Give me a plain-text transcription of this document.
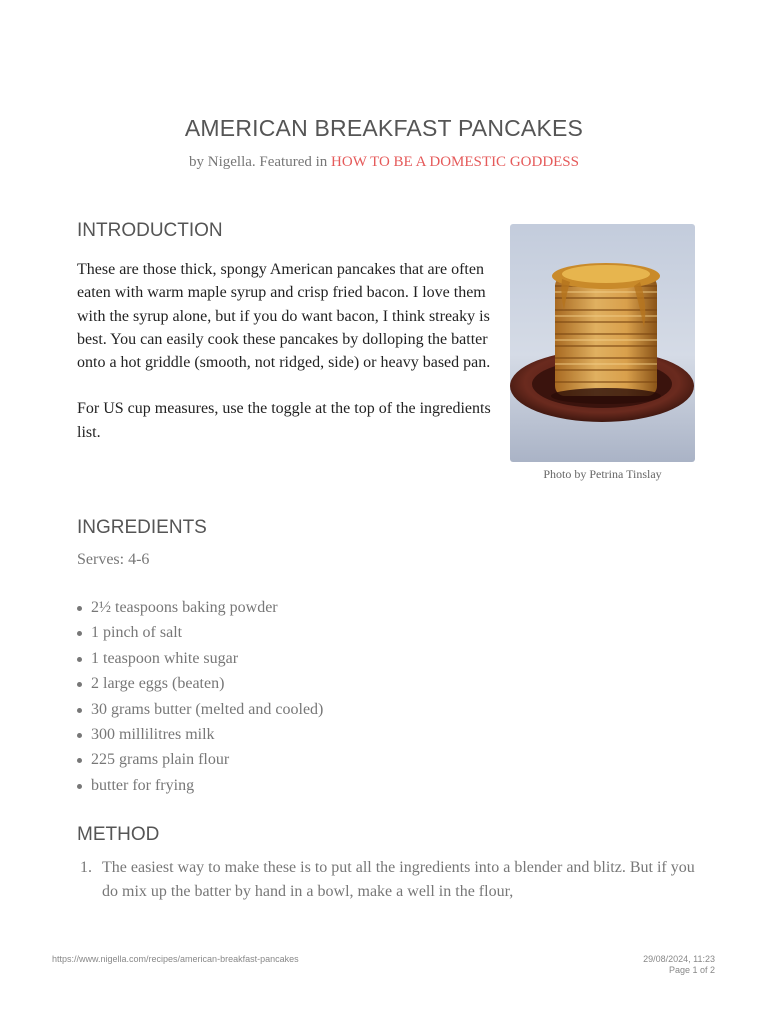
AMERICAN BREAKFAST PANCAKES
by Nigella. Featured in HOW TO BE A DOMESTIC GODDESS
INTRODUCTION

These are those thick, spongy American pancakes that are often eaten with warm maple syrup and crisp fried bacon. I love them with the syrup alone, but if you do want bacon, I think streaky is best. You can easily cook these pancakes by dolloping the batter onto a hot griddle (smooth, not ridged, side) or heavy based pan.

For US cup measures, use the toggle at the top of the ingredients list.

Photo by Petrina Tinslay
INGREDIENTS
Serves: 4-6
2½ teaspoons baking powder
1 pinch of salt
1 teaspoon white sugar
2 large eggs (beaten)
30 grams butter (melted and cooled)
300 millilitres milk
225 grams plain flour
butter for frying
METHOD
1. The easiest way to make these is to put all the ingredients into a blender and blitz. But if you do mix up the batter by hand in a bowl, make a well in the flour,
https://www.nigella.com/recipes/american-breakfast-pancakes	29/08/2024, 11:23
Page 1 of 2
